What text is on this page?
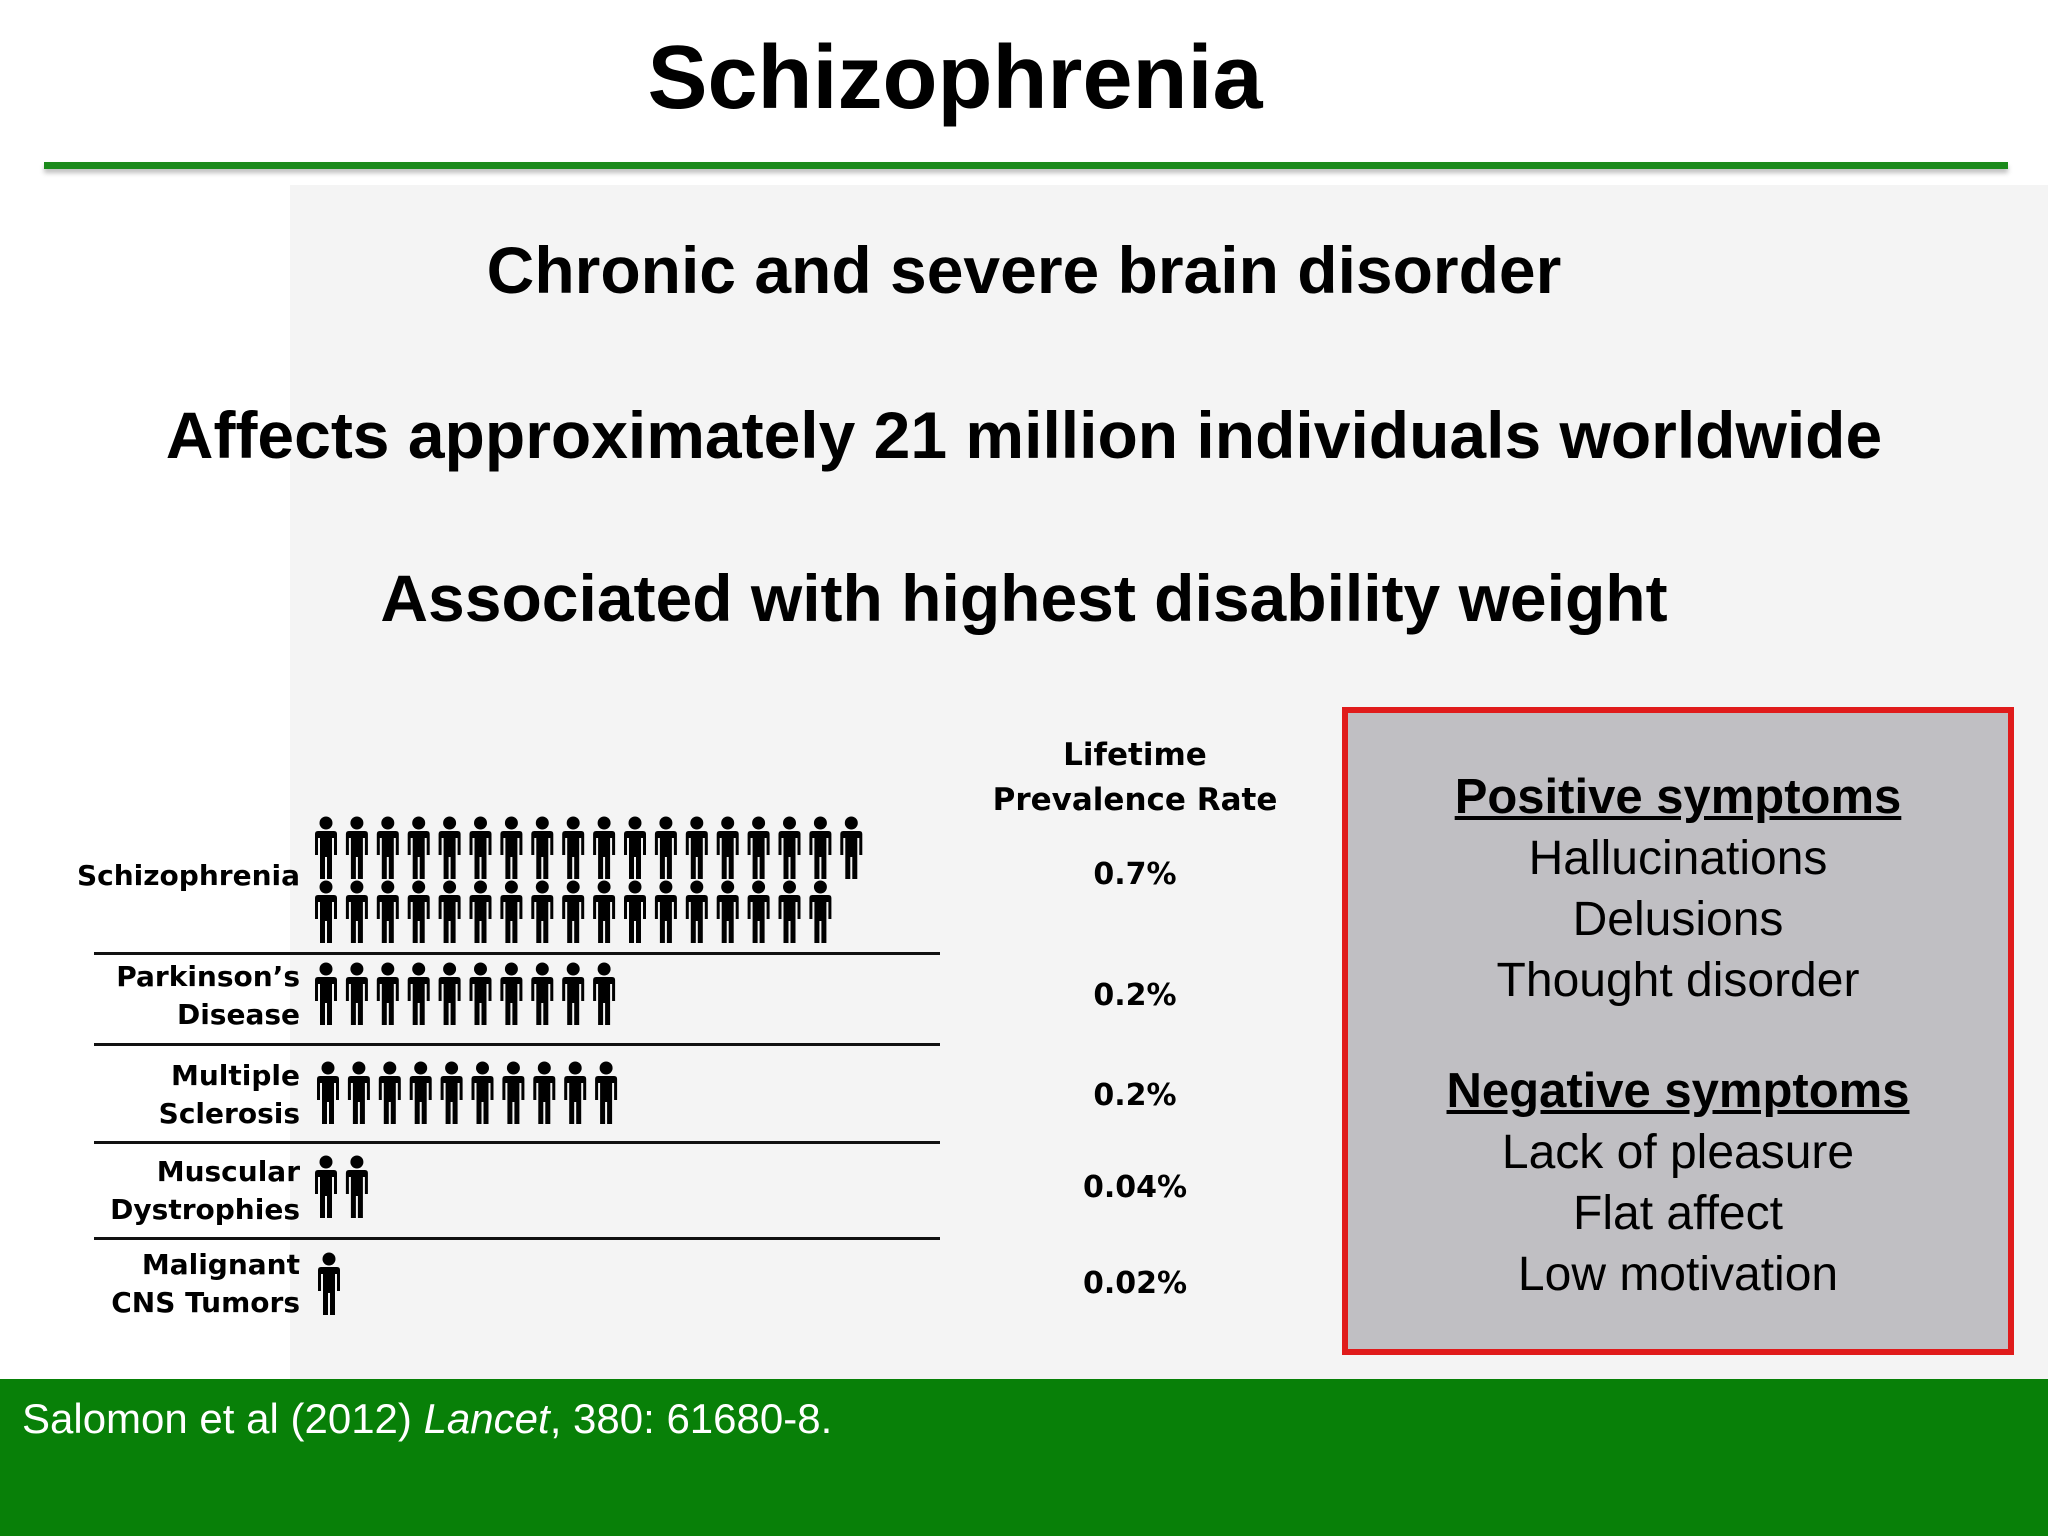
Schizophrenia
Chronic and severe brain disorder
Affects approximately 21 million individuals worldwide
Associated with highest disability weight
Lifetime
Prevalence Rate
Schizophrenia
Parkinson’s
Disease
Multiple
Sclerosis
Muscular
Dystrophies
Malignant
CNS Tumors
0.7%
0.2%
0.2%
0.04%
0.02%
Positive symptoms
Hallucinations
Delusions
Thought disorder
Negative symptoms
Lack of pleasure
Flat affect
Low motivation
Salomon et al (2012) Lancet, 380: 61680-8.
